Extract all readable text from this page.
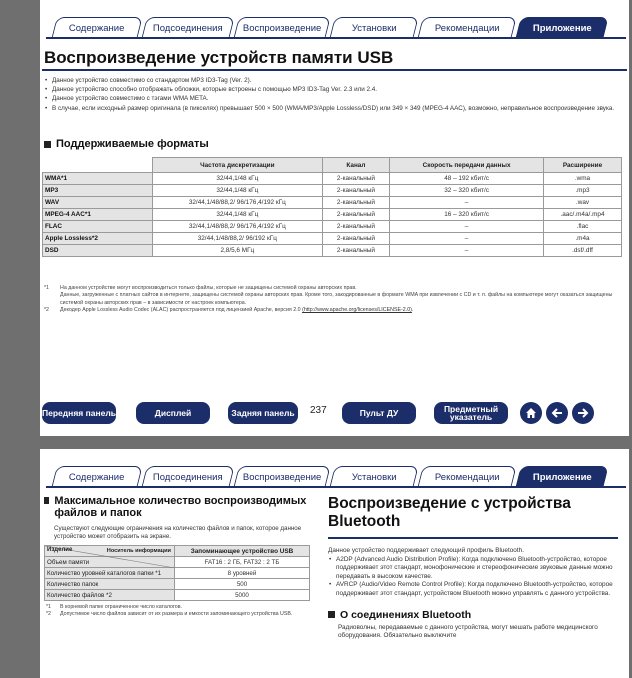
Содержание	Подсоединения Воспроизведение	Установки	Рекомендации	Приложение
Воспроизведение устройств памяти USB
• Данное устройство совместимо со стандартом MP3 ID3-Tag (Ver. 2).
• Данное устройство способно отображать обложки, которые встроены с помощью MP3 ID3-Tag Ver. 2.3 или 2.4.
• Данное устройство совместимо с тэгами WMA META.
• В случае, если исходный размер оригинала (в пикселях) превышает 500 × 500 (WMA/MP3/Apple Lossless/DSD) или 349 × 349 (MPEG-4 AAC), возможно, неправильное воспроизведение звука.
Поддерживаемые форматы
	Частота дискретизации	Канал	Скорость передачи данных	Расширение
WMA*1	32/44,1/48 кГц	2-канальный	48 – 192 кбит/с	.wma
MP3	32/44,1/48 кГц	2-канальный	32 – 320 кбит/с	.mp3
WAV	32/44,1/48/88,2/ 96/176,4/192 кГц	2-канальный	–	.wav
MPEG-4 AAC*1	32/44,1/48 кГц	2-канальный	16 – 320 кбит/с	.aac/.m4a/.mp4
FLAC	32/44,1/48/88,2/ 96/176,4/192 кГц	2-канальный	–	.flac
Apple Lossless*2	32/44,1/48/88,2/ 96/192 кГц	2-канальный	–	.m4a
DSD	2,8/5,6 МГц	2-канальный	–	.dsf/.dff
*1	На данном устройстве могут воспроизводиться только файлы, которые не защищены системой охраны авторских прав.
Данные, загруженные с платных сайтов в интернете, защищены системой охраны авторских прав. Кроме того, закодированные в формате WMA при извлечении с CD и т. п. файлы на компьютере могут оказаться защищены системой охраны авторских прав – в зависимости от настроек компьютера.
*2	Декодер Apple Lossless Audio Codec (ALAC) распространяется под лицензией Apache, версия 2.0 (http://www.apache.org/licenses/LICENSE-2.0).
Передняя панель	Дисплей	Задняя панель	237	Пульт ДУ	Предметный указатель
Содержание	Подсоединения Воспроизведение	Установки	Рекомендации	Приложение
Максимальное количество воспроизводимых файлов и папок
Существуют следующие ограничения на количество файлов и папок, которое данное устройство может отобразить на экране.
Носитель информации
Изделие	Запоминающее устройство USB
Объем памяти	FAT16 : 2 ГБ, FAT32 : 2 ТБ
Количество уровней каталогов папки *1	8 уровней
Количество папок	500
Количество файлов *2	5000
*1	В корневой папке ограниченное число каталогов.
*2	Допустимое число файлов зависит от их размера и емкости запоминающего устройства USB.
Воспроизведение с устройства Bluetooth
Данное устройство поддерживает следующий профиль Bluetooth.
• A2DP (Advanced Audio Distribution Profile): Когда подключено Bluetooth-устройство, которое поддерживает этот стандарт, монофонические и стереофонические звуковые данные можно передавать в высоком качестве.
• AVRCP (Audio/Video Remote Control Profile): Когда подключено Bluetooth-устройство, которое поддерживает этот стандарт, устройством Bluetooth можно управлять с данного устройства.
О соединениях Bluetooth
Радиоволны, передаваемые с данного устройства, могут мешать работе медицинского оборудования. Обязательно выключите
